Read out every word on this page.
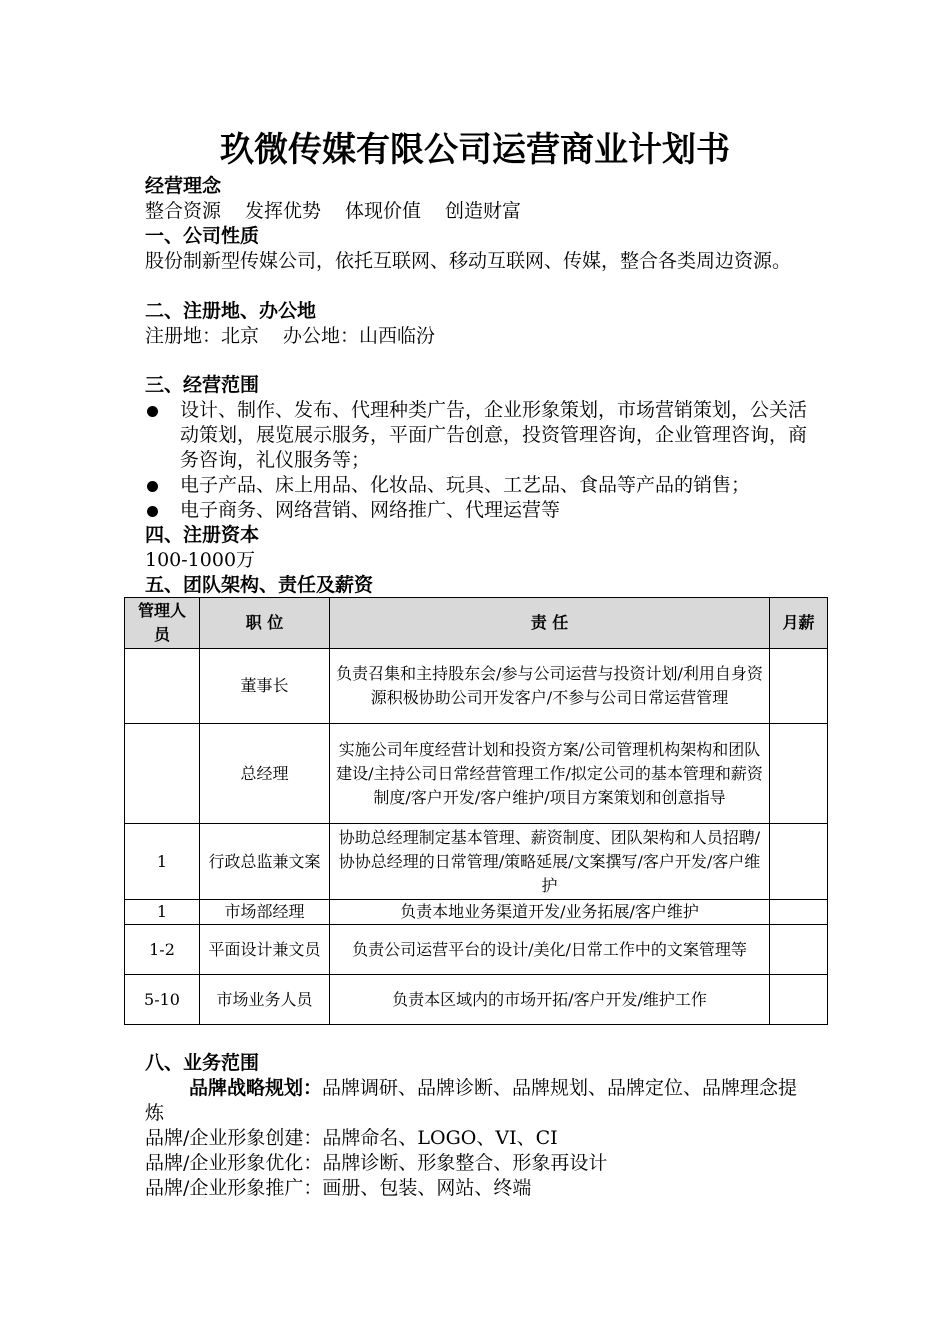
玖微传媒有限公司运营商业计划书
经营理念
整合资源 发挥优势 体现价值 创造财富
一、公司性质
股份制新型传媒公司，依托互联网、移动互联网、传媒，整合各类周边资源。
二、注册地、办公地
注册地：北京 办公地：山西临汾
三、经营范围
设计、制作、发布、代理种类广告，企业形象策划，市场营销策划，公关活动策划，展览展示服务，平面广告创意，投资管理咨询，企业管理咨询，商务咨询，礼仪服务等；
电子产品、床上用品、化妆品、玩具、工艺品、食品等产品的销售；
电子商务、网络营销、网络推广、代理运营等
四、注册资本
100-1000万
五、团队架构、责任及薪资
管理人员	职 位	责 任	月薪
	董事长	负责召集和主持股东会/参与公司运营与投资计划/利用自身资源积极协助公司开发客户/不参与公司日常运营管理	
	总经理	实施公司年度经营计划和投资方案/公司管理机构架构和团队建设/主持公司日常经营管理工作/拟定公司的基本管理和薪资制度/客户开发/客户维护/项目方案策划和创意指导	
1	行政总监兼文案	协助总经理制定基本管理、薪资制度、团队架构和人员招聘/协协总经理的日常管理/策略延展/文案撰写/客户开发/客户维护	
1	市场部经理	负责本地业务渠道开发/业务拓展/客户维护	
1-2	平面设计兼文员	负责公司运营平台的设计/美化/日常工作中的文案管理等	
5-10	市场业务人员	负责本区域内的市场开拓/客户开发/维护工作	
八、业务范围
品牌战略规划：品牌调研、品牌诊断、品牌规划、品牌定位、品牌理念提炼
品牌/企业形象创建：品牌命名、LOGO、VI、CI
品牌/企业形象优化：品牌诊断、形象整合、形象再设计
品牌/企业形象推广：画册、包装、网站、终端
